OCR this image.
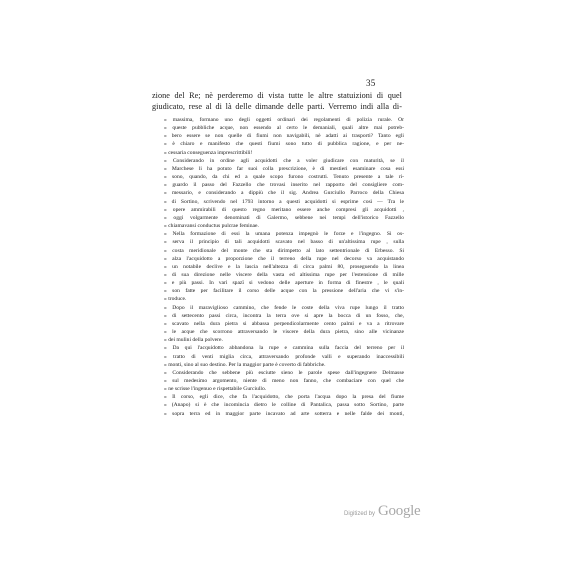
35
zione del Re; nè perderemo di vista tutte le altre statuizioni di quel
giudicato, rese al di là delle dimande delle parti. Verremo indi alla di-
» massima, formano uno degli oggetti ordinarì dei regolamenti di polizia rurale. Or
» queste pubbliche acque, non essendo al certo le demaniali, quali altre mai potreb-
» bero essere se non quelle di fiumi non navigabili, nè adatti ai trasporti? Tanto egli
» è chiaro e manifesto che questi fiumi sono tutto di pubblica ragione, e per ne-
» cessaria conseguenza imprescrittibili!
» Considerando in ordine agli acquidotti che a voler giudicare con maturità, se il
» Marchese li ha potuto far suoi colla prescrizione, è di mestieri esaminare cosa essi
» sono, quando, da chi ed a quale scopo furono costrutti. Tenuto presente a tale ri-
» guardo il passo del Fazzello che trovasi inserito nel rapporto del consigliere com-
» messario, e considerando a dippiù che il sig. Andrea Gurciullo Parroco della Chiesa
» di Sortino, scrivendo nel 1793 intorno a questi acquidotti si esprime così — Tra le
» opere ammirabili di questo regno meritano essere anche compresi gli acquidotti ,
» oggi volgarmente denominati di Galermo, sebbene nei tempi dell'istorico Fazzello
» chiamavansi conductus pulcrae feminae.
» Nella formazione di essi la umana potenza impegnò le forze e l'ingegno. Si os-
» serva il principio di tali acquidotti scavato nel basso di un'altissima rupe , sulla
» costa meridionale del monte che sta dirimpetto al lato settentrionale di Erbesso. Si
» alza l'acquidotto a proporzione che il terreno della rupe nel decorso va acquistando
» un notabile declive e la lascia nell'altezza di circa palmi 80, proseguendo la linea
» di sua direzione nelle viscere della vasta ed altissima rupe per l'estensione di mille
» e più passi. In varì spazî si vedono delle aperture in forma di finestre , le quali
» son fatte per facilitare il corso delle acque con la pressione dell'aria che vi s'in-
» troduce.
» Dopo il maraviglioso cammino, che fende le coste della viva rupe lungo il tratto
» di settecento passi circa, incontra la terra ove si apre la bocca di un fosso, che,
» scavato nella dura pietra si abbassa perpendicolarmente cento palmi e va a ritrovare
» le acque che scorrono attraversando le viscere della dura pietra, sino alle vicinanze
» dei mulini della polvere.
» Da qui l'acquidotto abbandona la rupe e cammina sulla faccia del terreno per il
» tratto di venti miglia circa, attraversando profonde valli e superando inaccessibili
» monti, sino al suo destino. Per la maggior parte è coverto di fabbriche.
» Considerando che sebbene più esciutte sieno le parole spese dall'ingegnere Delmasse
» sul medesimo argomento, niente di meno non fanno, che combaciare con quel che
» ne scrisse l'ingenuo e rispettabile Gurciullo.
» Il corso, egli dice, che fa l'acquidotto, che porta l'acqua dopo la presa del fiume
» (Anapo) si è che incomincia dietro le colline di Pantalica, passa sotto Sortino, parte
» sopra terra ed in maggior parte incavato ad arte sotterra e nelle falde dei monti,
Digitized by Google
